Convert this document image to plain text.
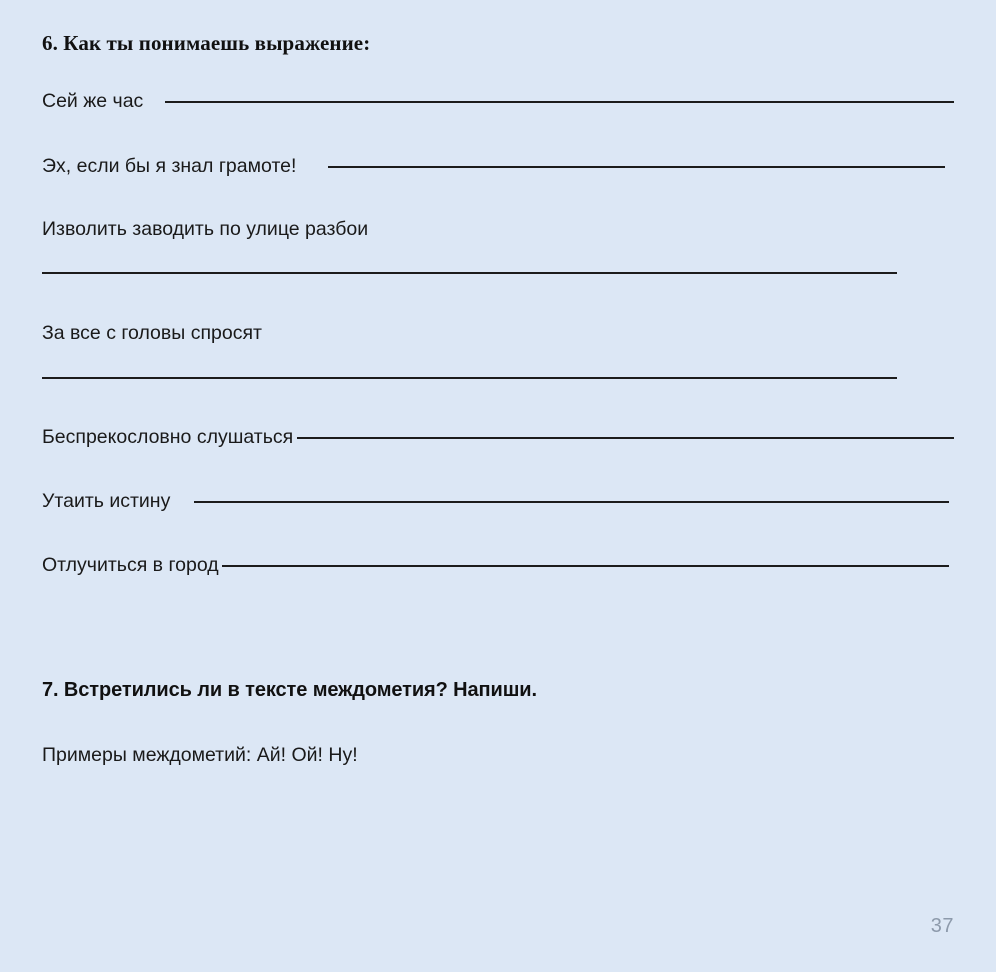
6. Как ты понимаешь выражение:
Сей же час
Эх, если бы я знал грамоте!
Изволить заводить по улице разбои
За все с головы спросят
Беспрекословно слушаться
Утаить истину
Отлучиться в город
7. Встретились ли в тексте междометия? Напиши.
Примеры междометий: Ай! Ой! Ну!
37
